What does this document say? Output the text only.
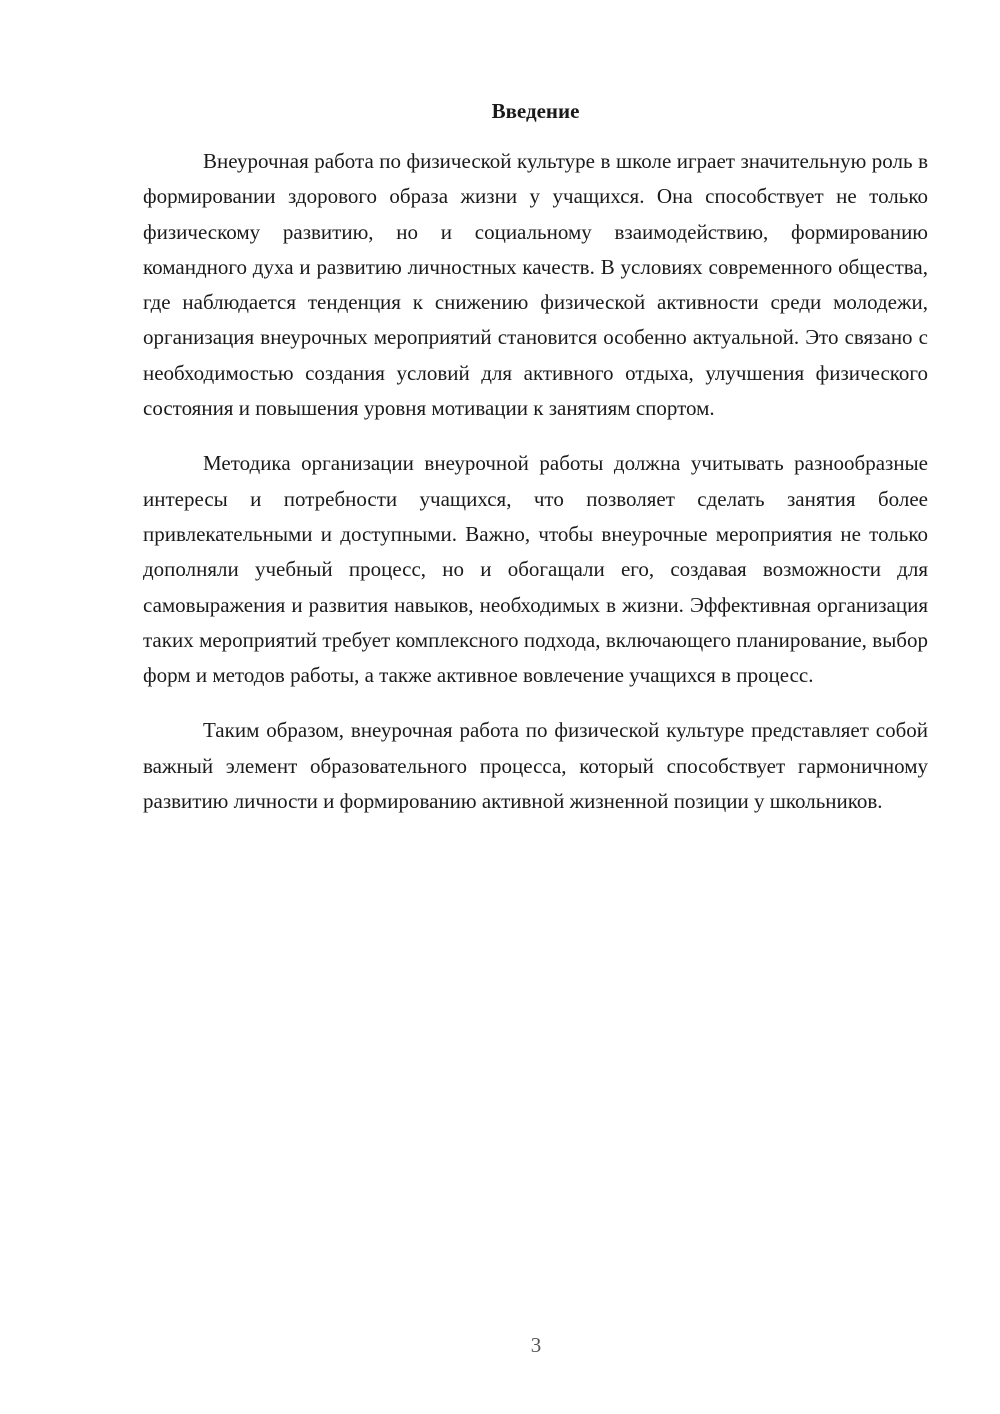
Введение

Внеурочная работа по физической культуре в школе играет значительную роль в формировании здорового образа жизни у учащихся. Она способствует не только физическому развитию, но и социальному взаимодействию, формированию командного духа и развитию личностных качеств. В условиях современного общества, где наблюдается тенденция к снижению физической активности среди молодежи, организация внеурочных мероприятий становится особенно актуальной. Это связано с необходимостью создания условий для активного отдыха, улучшения физического состояния и повышения уровня мотивации к занятиям спортом.

Методика организации внеурочной работы должна учитывать разнообразные интересы и потребности учащихся, что позволяет сделать занятия более привлекательными и доступными. Важно, чтобы внеурочные мероприятия не только дополняли учебный процесс, но и обогащали его, создавая возможности для самовыражения и развития навыков, необходимых в жизни. Эффективная организация таких мероприятий требует комплексного подхода, включающего планирование, выбор форм и методов работы, а также активное вовлечение учащихся в процесс.

Таким образом, внеурочная работа по физической культуре представляет собой важный элемент образовательного процесса, который способствует гармоничному развитию личности и формированию активной жизненной позиции у школьников.

3
